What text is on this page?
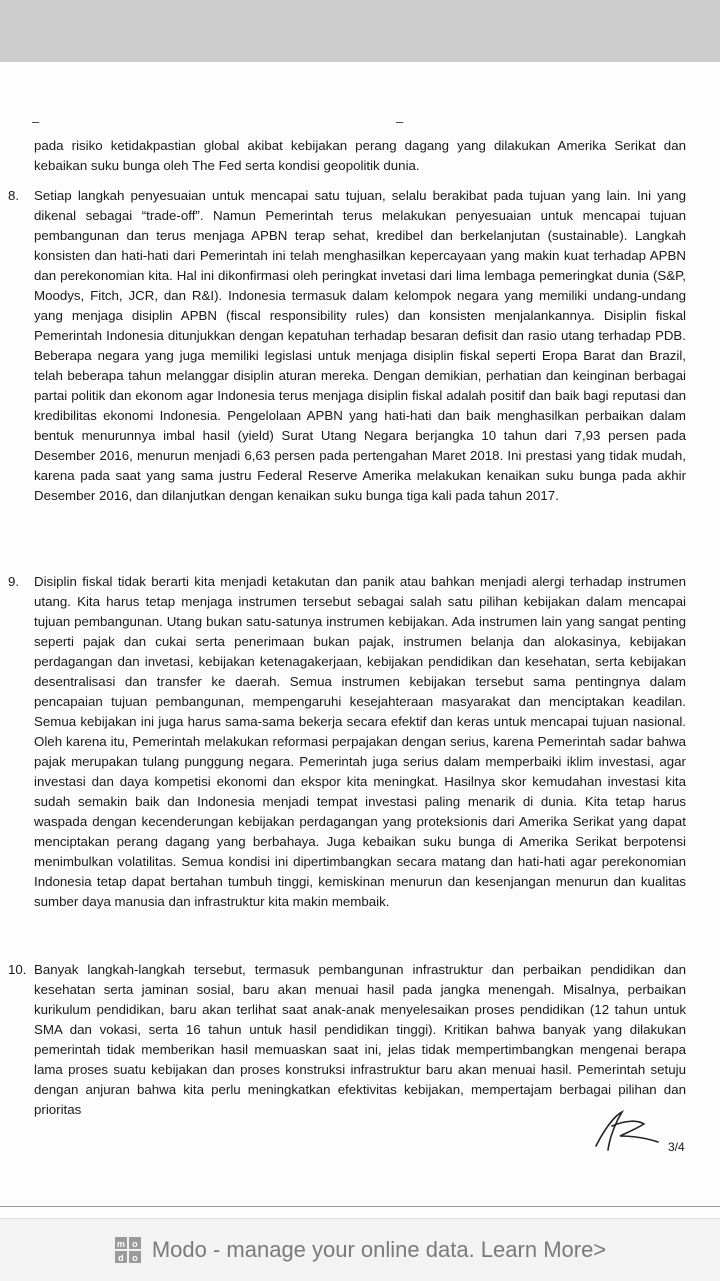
–	–
pada risiko ketidakpastian global akibat kebijakan perang dagang yang dilakukan Amerika Serikat dan kebaikan suku bunga oleh The Fed serta kondisi geopolitik dunia.
8. Setiap langkah penyesuaian untuk mencapai satu tujuan, selalu berakibat pada tujuan yang lain. Ini yang dikenal sebagai “trade-off”. Namun Pemerintah terus melakukan penyesuaian untuk mencapai tujuan pembangunan dan terus menjaga APBN terap sehat, kredibel dan berkelanjutan (sustainable). Langkah konsisten dan hati-hati dari Pemerintah ini telah menghasilkan kepercayaan yang makin kuat terhadap APBN dan perekonomian kita. Hal ini dikonfirmasi oleh peringkat invetasi dari lima lembaga pemeringkat dunia (S&P, Moodys, Fitch, JCR, dan R&I). Indonesia termasuk dalam kelompok negara yang memiliki undang-undang yang menjaga disiplin APBN (fiscal responsibility rules) dan konsisten menjalankannya. Disiplin fiskal Pemerintah Indonesia ditunjukkan dengan kepatuhan terhadap besaran defisit dan rasio utang terhadap PDB. Beberapa negara yang juga memiliki legislasi untuk menjaga disiplin fiskal seperti Eropa Barat dan Brazil, telah beberapa tahun melanggar disiplin aturan mereka. Dengan demikian, perhatian dan keinginan berbagai partai politik dan ekonom agar Indonesia terus menjaga disiplin fiskal adalah positif dan baik bagi reputasi dan kredibilitas ekonomi Indonesia. Pengelolaan APBN yang hati-hati dan baik menghasilkan perbaikan dalam bentuk menurunnya imbal hasil (yield) Surat Utang Negara berjangka 10 tahun dari 7,93 persen pada Desember 2016, menurun menjadi 6,63 persen pada pertengahan Maret 2018. Ini prestasi yang tidak mudah, karena pada saat yang sama justru Federal Reserve Amerika melakukan kenaikan suku bunga pada akhir Desember 2016, dan dilanjutkan dengan kenaikan suku bunga tiga kali pada tahun 2017.
9. Disiplin fiskal tidak berarti kita menjadi ketakutan dan panik atau bahkan menjadi alergi terhadap instrumen utang. Kita harus tetap menjaga instrumen tersebut sebagai salah satu pilihan kebijakan dalam mencapai tujuan pembangunan. Utang bukan satu-satunya instrumen kebijakan. Ada instrumen lain yang sangat penting seperti pajak dan cukai serta penerimaan bukan pajak, instrumen belanja dan alokasinya, kebijakan perdagangan dan invetasi, kebijakan ketenagakerjaan, kebijakan pendidikan dan kesehatan, serta kebijakan desentralisasi dan transfer ke daerah. Semua instrumen kebijakan tersebut sama pentingnya dalam pencapaian tujuan pembangunan, mempengaruhi kesejahteraan masyarakat dan menciptakan keadilan. Semua kebijakan ini juga harus sama-sama bekerja secara efektif dan keras untuk mencapai tujuan nasional. Oleh karena itu, Pemerintah melakukan reformasi perpajakan dengan serius, karena Pemerintah sadar bahwa pajak merupakan tulang punggung negara. Pemerintah juga serius dalam memperbaiki iklim investasi, agar investasi dan daya kompetisi ekonomi dan ekspor kita meningkat. Hasilnya skor kemudahan investasi kita sudah semakin baik dan Indonesia menjadi tempat investasi paling menarik di dunia. Kita tetap harus waspada dengan kecenderungan kebijakan perdagangan yang proteksionis dari Amerika Serikat yang dapat menciptakan perang dagang yang berbahaya. Juga kebaikan suku bunga di Amerika Serikat berpotensi menimbulkan volatilitas. Semua kondisi ini dipertimbangkan secara matang dan hati-hati agar perekonomian Indonesia tetap dapat bertahan tumbuh tinggi, kemiskinan menurun dan kesenjangan menurun dan kualitas sumber daya manusia dan infrastruktur kita makin membaik.
10. Banyak langkah-langkah tersebut, termasuk pembangunan infrastruktur dan perbaikan pendidikan dan kesehatan serta jaminan sosial, baru akan menuai hasil pada jangka menengah. Misalnya, perbaikan kurikulum pendidikan, baru akan terlihat saat anak-anak menyelesaikan proses pendidikan (12 tahun untuk SMA dan vokasi, serta 16 tahun untuk hasil pendidikan tinggi). Kritikan bahwa banyak yang dilakukan pemerintah tidak memberikan hasil memuaskan saat ini, jelas tidak mempertimbangkan mengenai berapa lama proses suatu kebijakan dan proses konstruksi infrastruktur baru akan menuai hasil. Pemerintah setuju dengan anjuran bahwa kita perlu meningkatkan efektivitas kebijakan, mempertajam berbagai pilihan dan prioritas
3/4
m o
d o Modo - manage your online data. Learn More>
